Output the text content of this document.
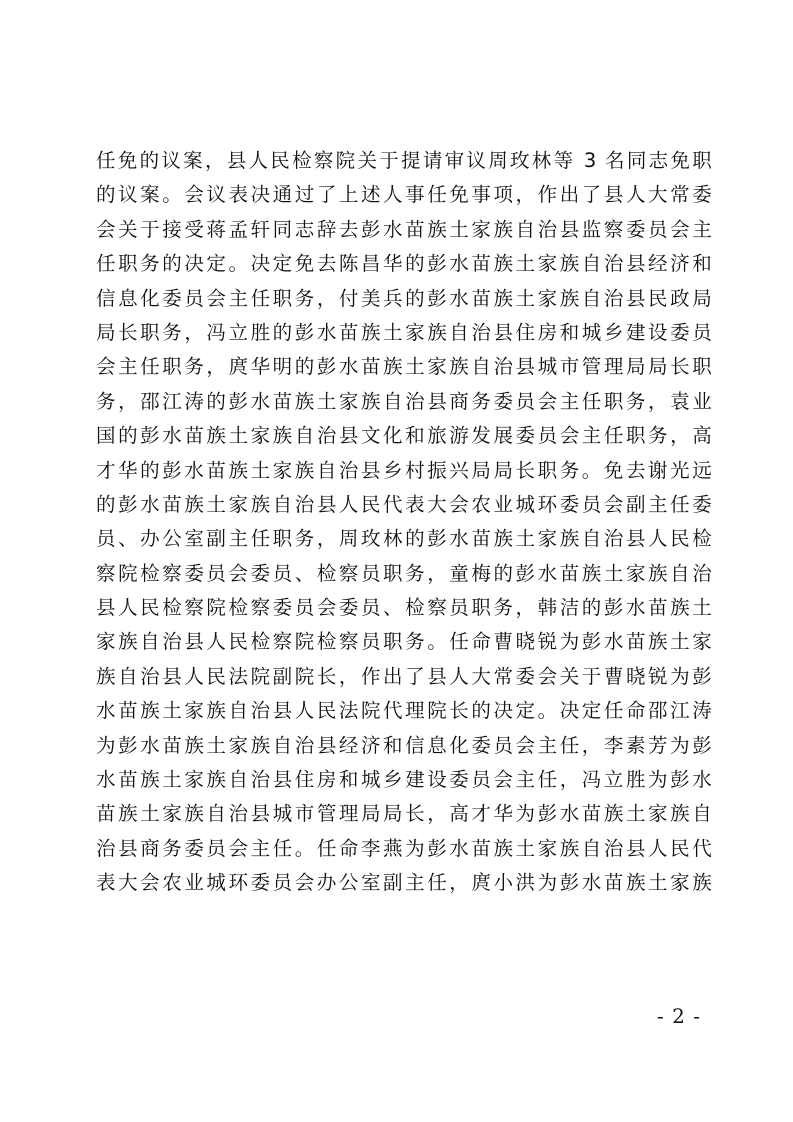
任免的议案，县人民检察院关于提请审议周玫林等 3 名同志免职
的议案。会议表决通过了上述人事任免事项，作出了县人大常委
会关于接受蒋孟轩同志辞去彭水苗族土家族自治县监察委员会主
任职务的决定。决定免去陈昌华的彭水苗族土家族自治县经济和
信息化委员会主任职务，付美兵的彭水苗族土家族自治县民政局
局长职务，冯立胜的彭水苗族土家族自治县住房和城乡建设委员
会主任职务，庹华明的彭水苗族土家族自治县城市管理局局长职
务，邵江涛的彭水苗族土家族自治县商务委员会主任职务，袁业
国的彭水苗族土家族自治县文化和旅游发展委员会主任职务，高
才华的彭水苗族土家族自治县乡村振兴局局长职务。免去谢光远
的彭水苗族土家族自治县人民代表大会农业城环委员会副主任委
员、办公室副主任职务，周玫林的彭水苗族土家族自治县人民检
察院检察委员会委员、检察员职务，童梅的彭水苗族土家族自治
县人民检察院检察委员会委员、检察员职务，韩洁的彭水苗族土
家族自治县人民检察院检察员职务。任命曹晓锐为彭水苗族土家
族自治县人民法院副院长，作出了县人大常委会关于曹晓锐为彭
水苗族土家族自治县人民法院代理院长的决定。决定任命邵江涛
为彭水苗族土家族自治县经济和信息化委员会主任，李素芳为彭
水苗族土家族自治县住房和城乡建设委员会主任，冯立胜为彭水
苗族土家族自治县城市管理局局长，高才华为彭水苗族土家族自
治县商务委员会主任。任命李燕为彭水苗族土家族自治县人民代
表大会农业城环委员会办公室副主任，庹小洪为彭水苗族土家族
- 2 -
